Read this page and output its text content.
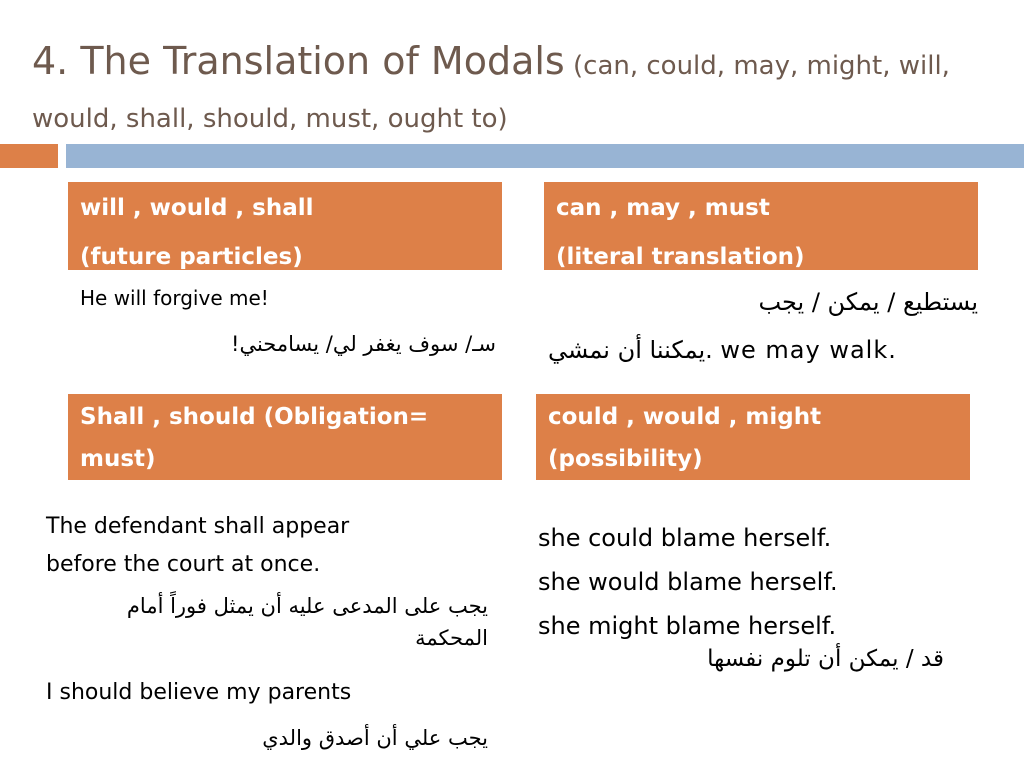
4. The Translation of Modals (can, could, may, might, will, would, shall, should, must, ought to)
will , would , shall
(future particles)
can , may , must
(literal translation)
Shall , should (Obligation=
must)
could , would , might
(possibility)
He will forgive me!
سـ/ سوف يغفر لي/ يسامحني!
يستطيع / يمكن / يجب
يمكننا أن نمشي. we may walk.
The defendant shall appear
before the court at once.
يجب على المدعى عليه أن يمثل فوراً أمام المحكمة
I should believe my parents
يجب علي أن أصدق والدي
she could blame herself.
she would blame herself.
she might blame herself.
قد / يمكن أن تلوم نفسها
